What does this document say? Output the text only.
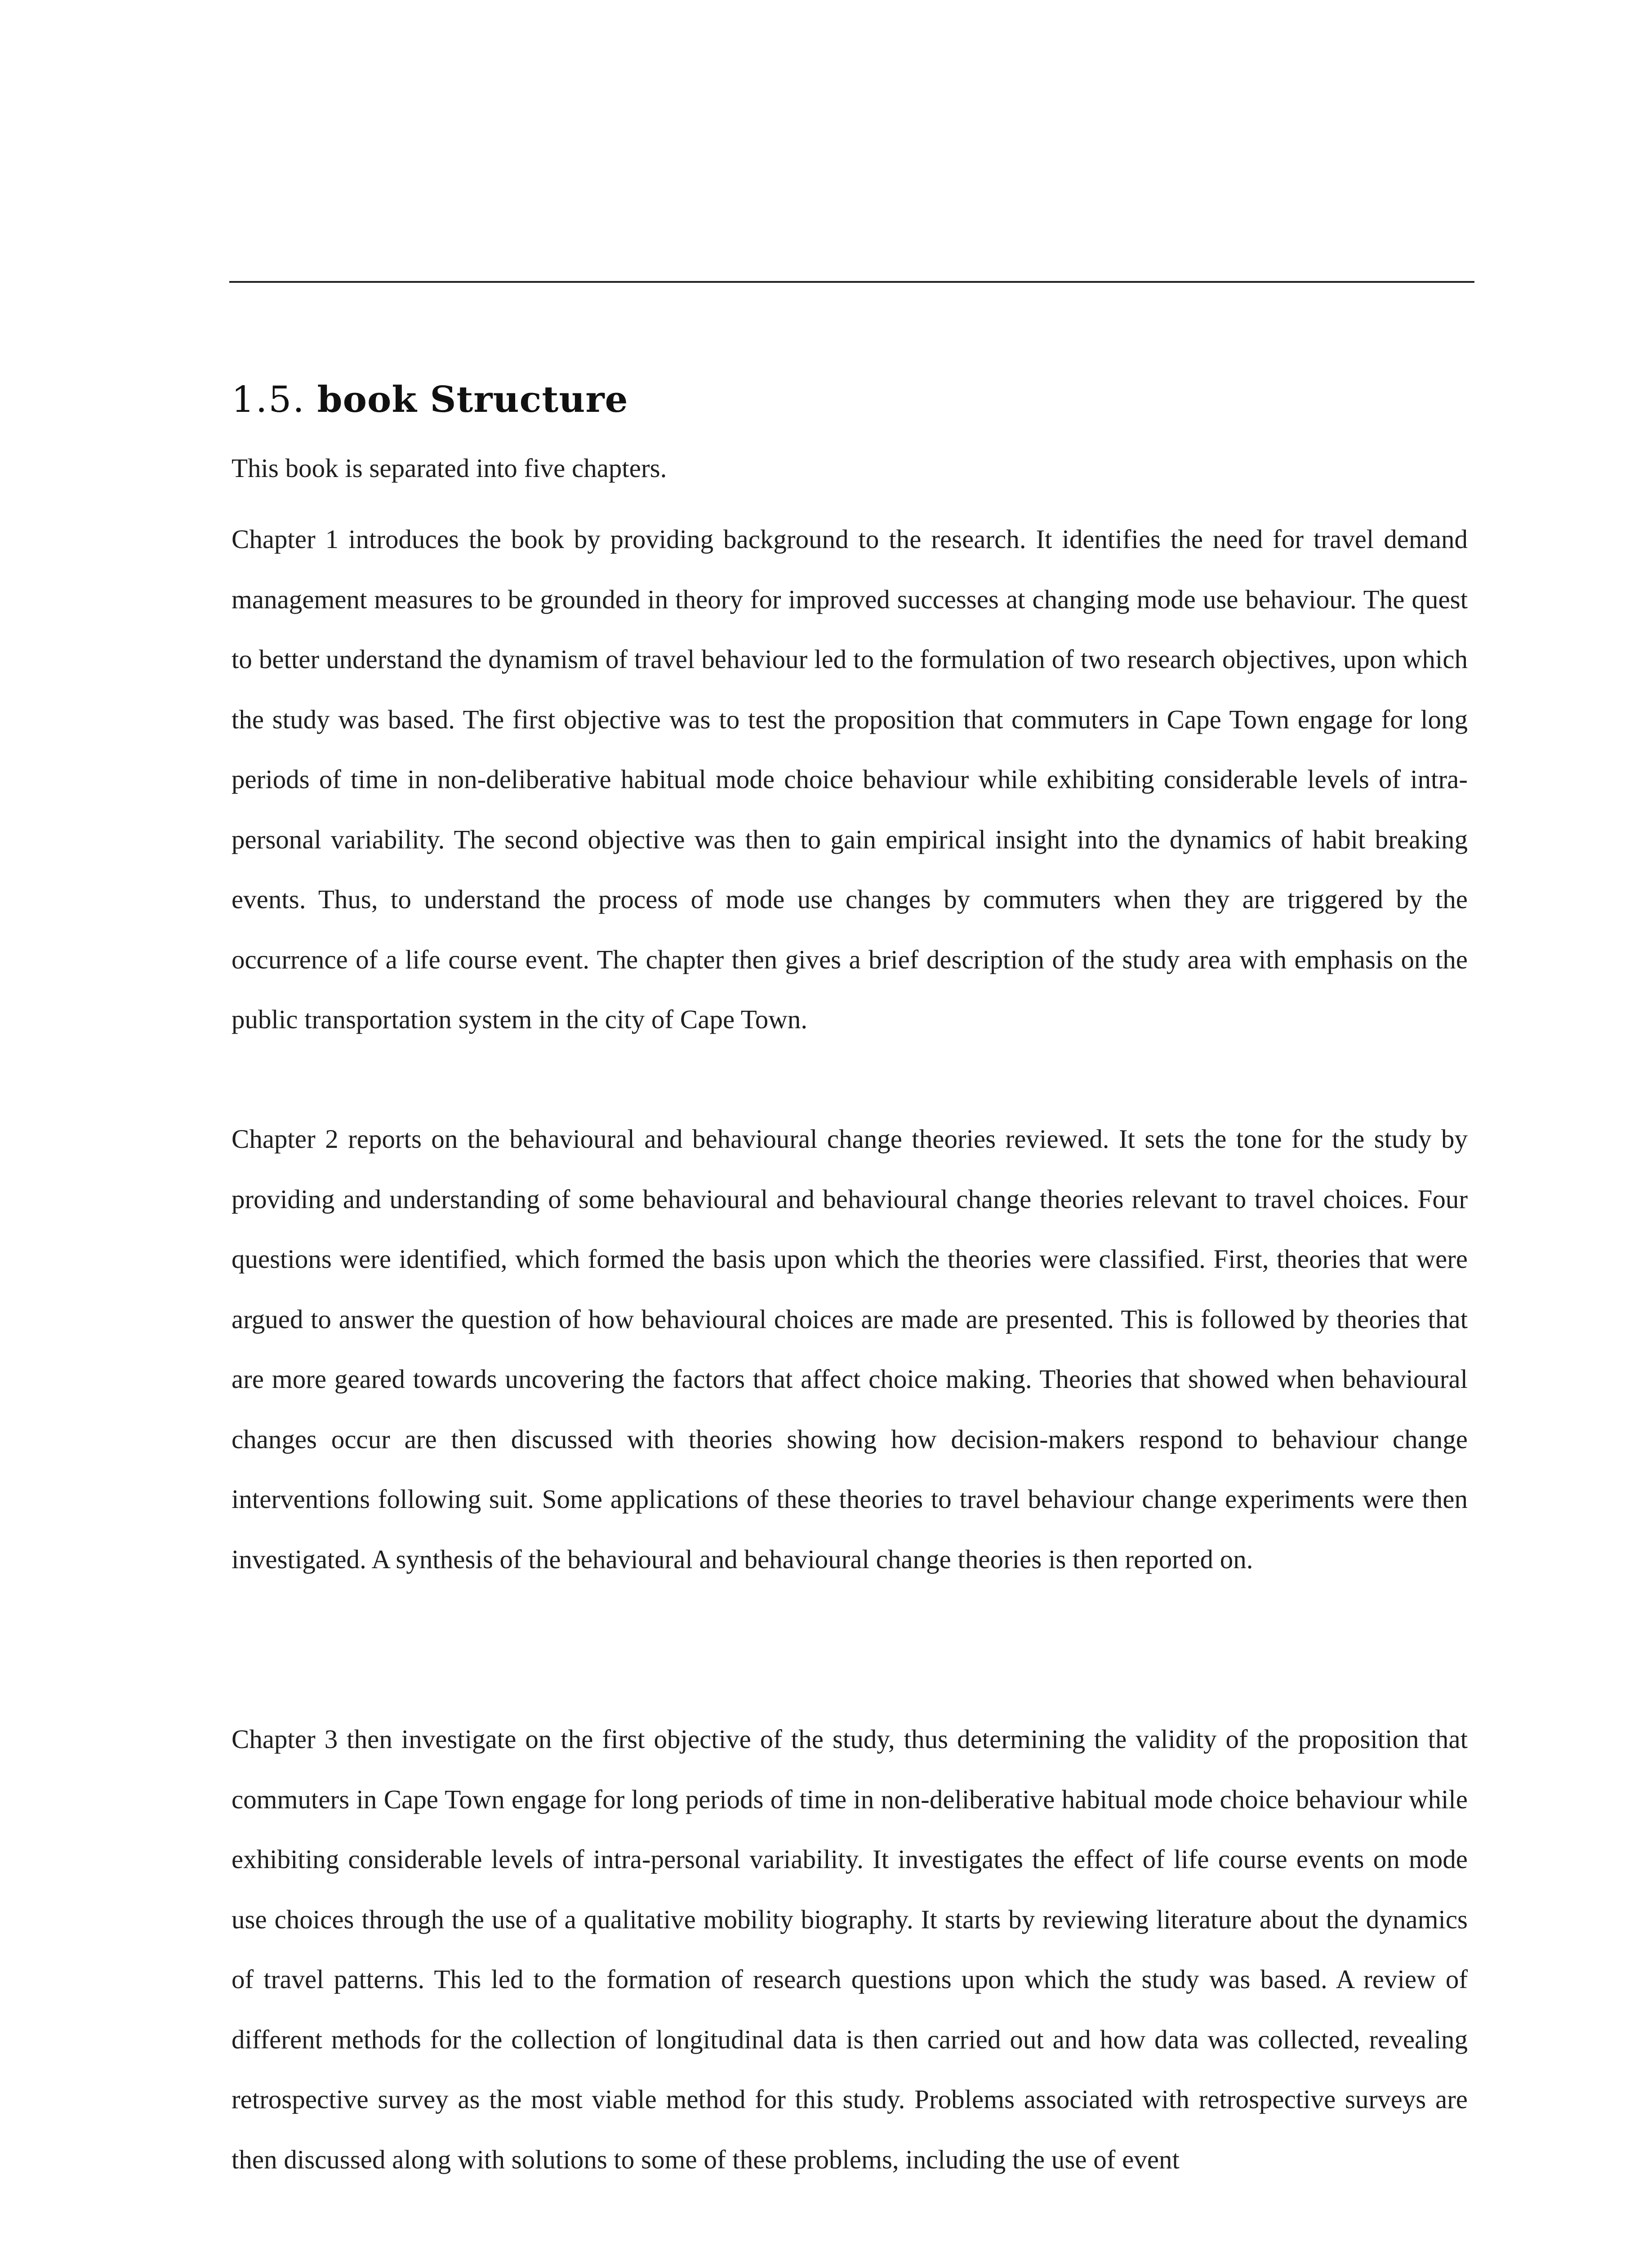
1.5. book Structure

This book is separated into five chapters.

Chapter 1 introduces the book by providing background to the research. It identifies the need for travel demand management measures to be grounded in theory for improved successes at changing mode use behaviour. The quest to better understand the dynamism of travel behaviour led to the formulation of two research objectives, upon which the study was based. The first objective was to test the proposition that commuters in Cape Town engage for long periods of time in non-deliberative habitual mode choice behaviour while exhibiting considerable levels of intra-personal variability. The second objective was then to gain empirical insight into the dynamics of habit breaking events. Thus, to understand the process of mode use changes by commuters when they are triggered by the occurrence of a life course event. The chapter then gives a brief description of the study area with emphasis on the public transportation system in the city of Cape Town.

Chapter 2 reports on the behavioural and behavioural change theories reviewed. It sets the tone for the study by providing and understanding of some behavioural and behavioural change theories relevant to travel choices. Four questions were identified, which formed the basis upon which the theories were classified. First, theories that were argued to answer the question of how behavioural choices are made are presented. This is followed by theories that are more geared towards uncovering the factors that affect choice making. Theories that showed when behavioural changes occur are then discussed with theories showing how decision-makers respond to behaviour change interventions following suit. Some applications of these theories to travel behaviour change experiments were then investigated. A synthesis of the behavioural and behavioural change theories is then reported on.

Chapter 3 then investigate on the first objective of the study, thus determining the validity of the proposition that commuters in Cape Town engage for long periods of time in non-deliberative habitual mode choice behaviour while exhibiting considerable levels of intra-personal variability. It investigates the effect of life course events on mode use choices through the use of a qualitative mobility biography. It starts by reviewing literature about the dynamics of travel patterns. This led to the formation of research questions upon which the study was based. A review of different methods for the collection of longitudinal data is then carried out and how data was collected, revealing retrospective survey as the most viable method for this study. Problems associated with retrospective surveys are then discussed along with solutions to some of these problems, including the use of event
